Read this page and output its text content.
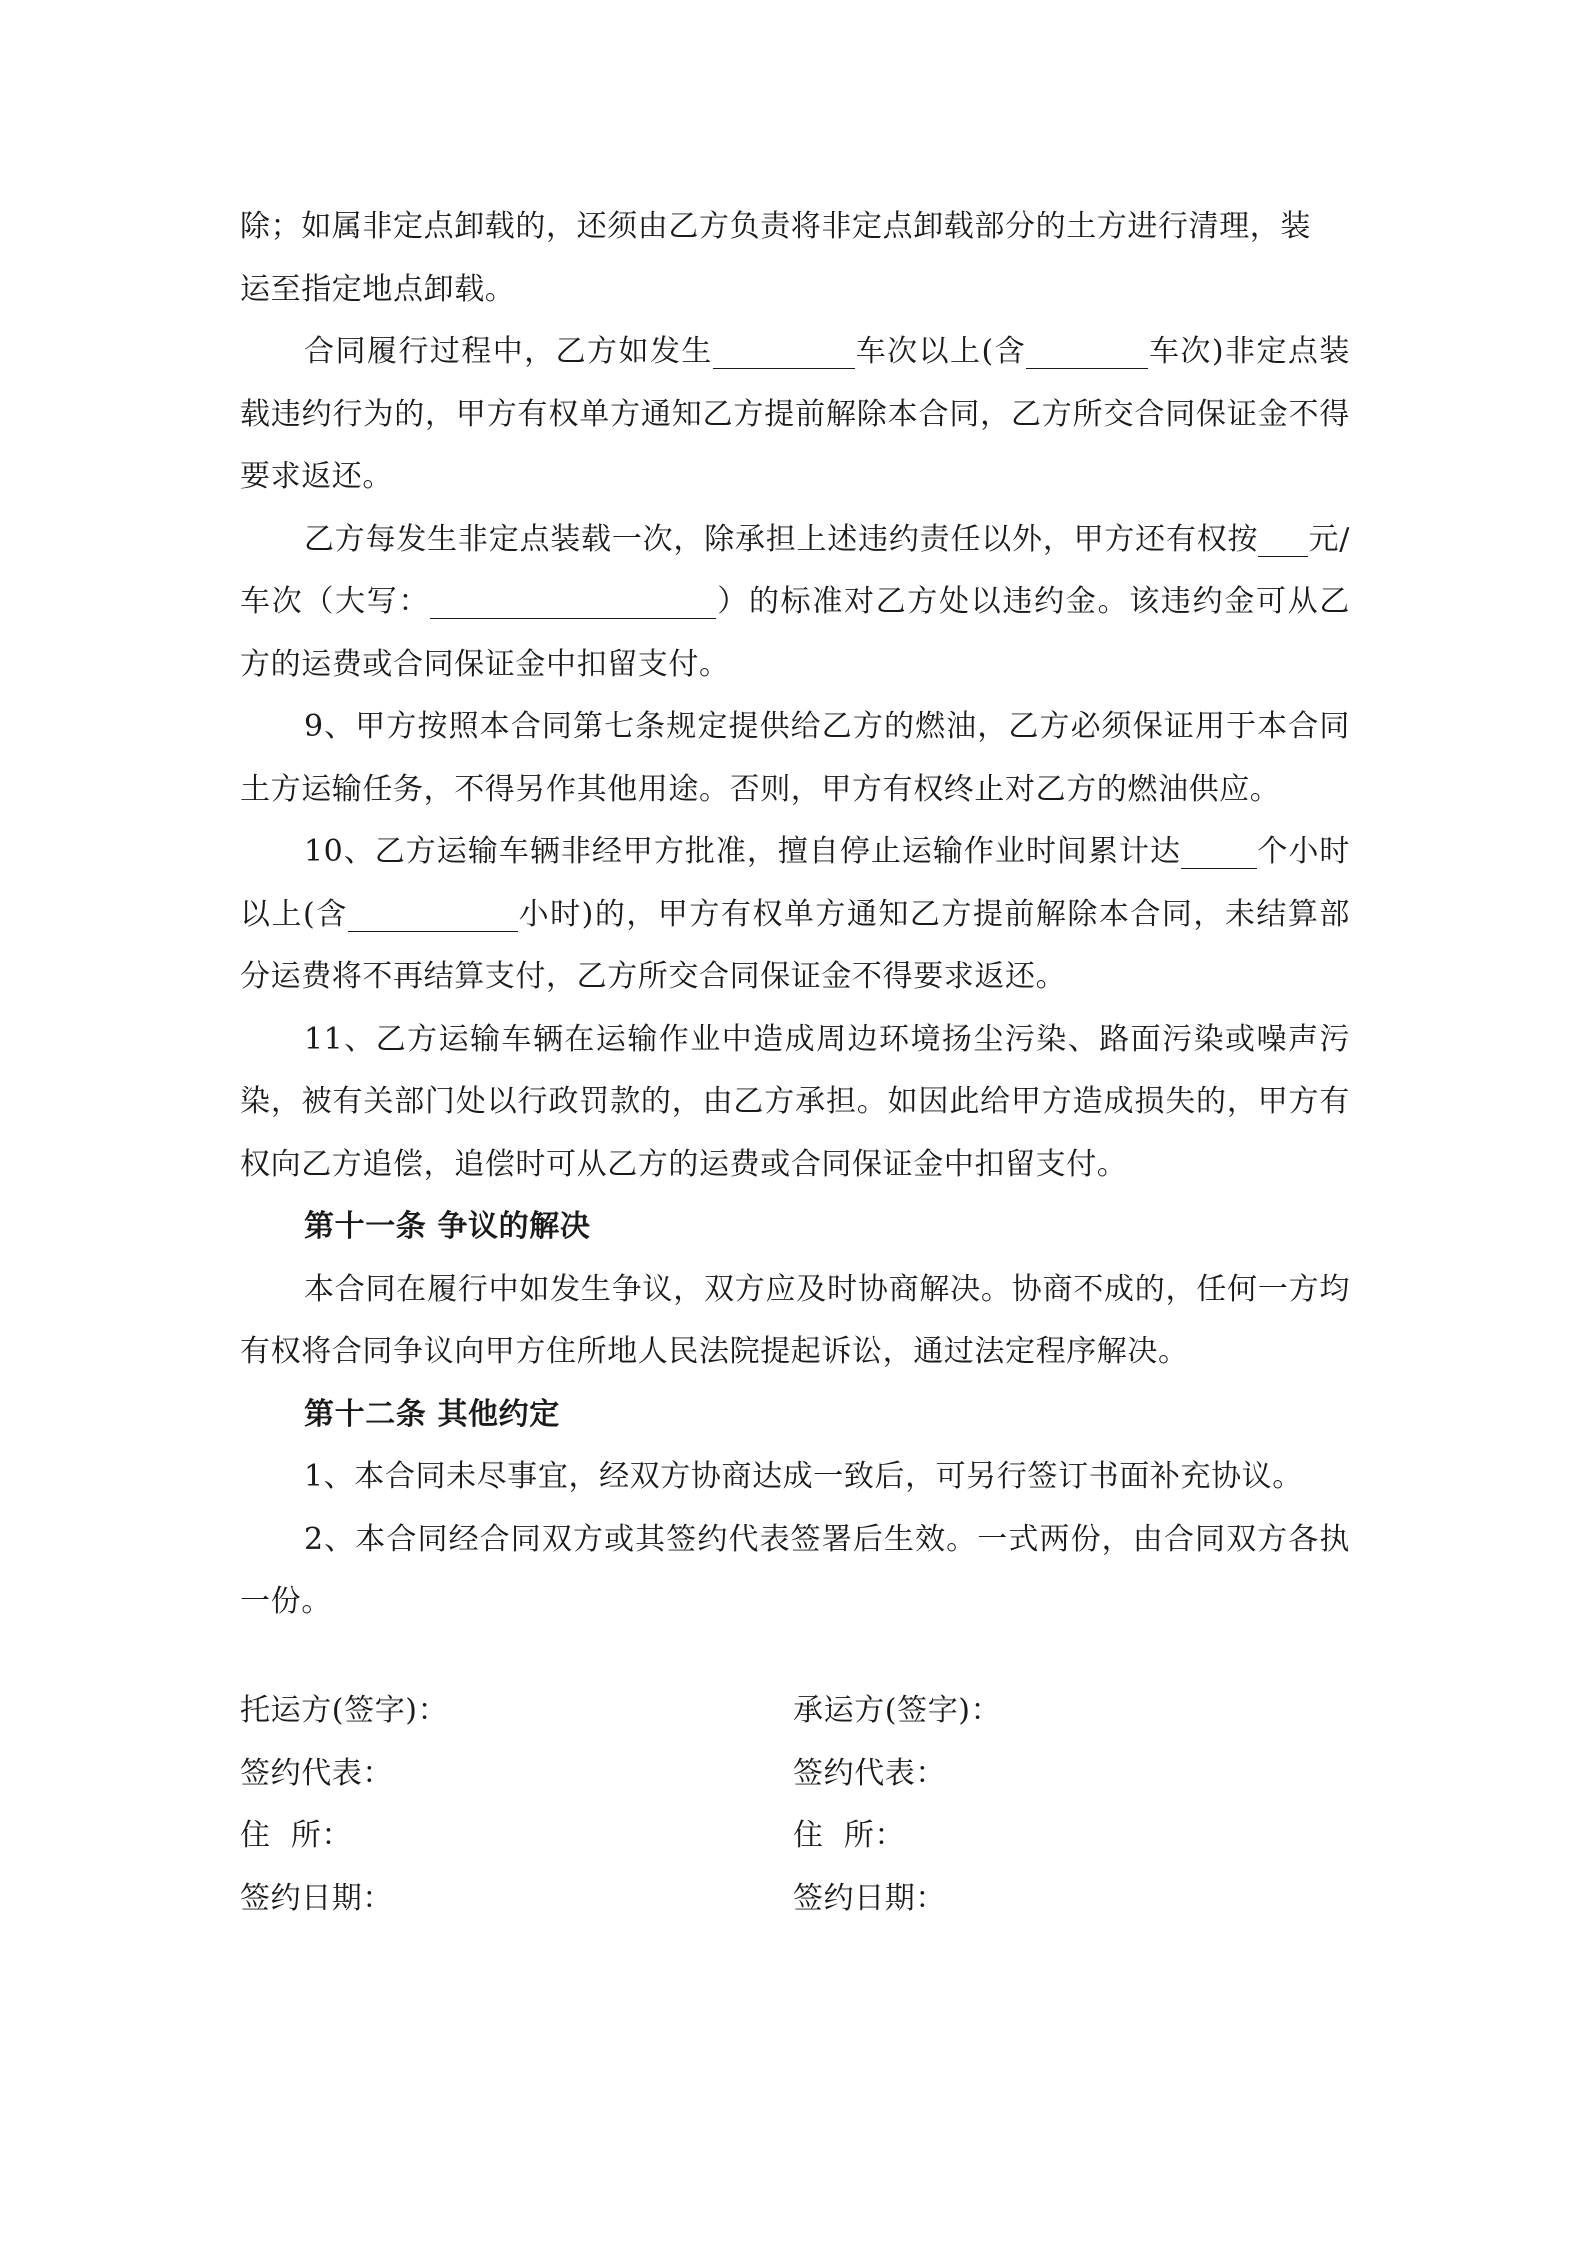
除；如属非定点卸载的，还须由乙方负责将非定点卸载部分的土方进行清理，装
运至指定地点卸载。

合同履行过程中，乙方如发生	车次以上(含	车次)非定点装载违约行为的，甲方有权单方通知乙方提前解除本合同，乙方所交合同保证金不得要求返还。

乙方每发生非定点装载一次，除承担上述违约责任以外，甲方还有权按 元/车次（大写：	）的标准对乙方处以违约金。该违约金可从乙方的运费或合同保证金中扣留支付。

9、甲方按照本合同第七条规定提供给乙方的燃油，乙方必须保证用于本合同土方运输任务，不得另作其他用途。否则，甲方有权终止对乙方的燃油供应。

10、乙方运输车辆非经甲方批准，擅自停止运输作业时间累计达	个小时以上(含	小时)的，甲方有权单方通知乙方提前解除本合同，未结算部分运费将不再结算支付，乙方所交合同保证金不得要求返还。

11、乙方运输车辆在运输作业中造成周边环境扬尘污染、路面污染或噪声污染，被有关部门处以行政罚款的，由乙方承担。如因此给甲方造成损失的，甲方有权向乙方追偿，追偿时可从乙方的运费或合同保证金中扣留支付。

第十一条 争议的解决

本合同在履行中如发生争议，双方应及时协商解决。协商不成的，任何一方均有权将合同争议向甲方住所地人民法院提起诉讼，通过法定程序解决。

第十二条 其他约定

1、本合同未尽事宜，经双方协商达成一致后，可另行签订书面补充协议。

2、本合同经合同双方或其签约代表签署后生效。一式两份，由合同双方各执一份。

托运方(签字)：	承运方(签字)：
签约代表：	签约代表：
住  所：	住  所：
签约日期：	签约日期：
